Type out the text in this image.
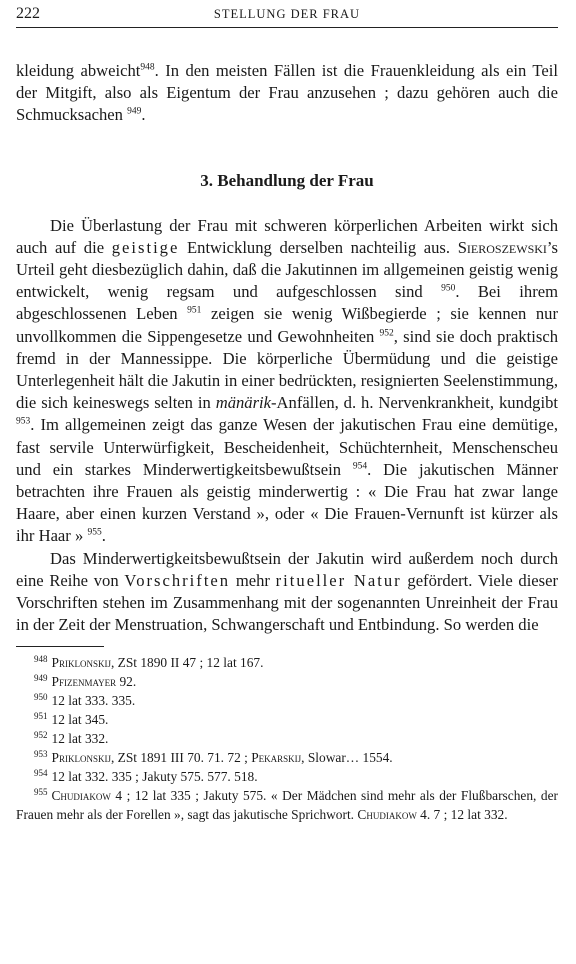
222	STELLUNG DER FRAU

kleidung abweicht$^{948}$. In den meisten Fällen ist die Frauenkleidung als ein Teil der Mitgift, also als Eigentum der Frau anzusehen ; dazu gehören auch die Schmucksachen $^{949}$.

3. Behandlung der Frau

Die Überlastung der Frau mit schweren körperlichen Arbeiten wirkt sich auch auf die geistige Entwicklung derselben nachteilig aus. Sieroszewski’s Urteil geht diesbezüglich dahin, daß die Jakutinnen im allgemeinen geistig wenig entwickelt, wenig regsam und aufgeschlossen sind $^{950}$. Bei ihrem abgeschlossenen Leben $^{951}$ zeigen sie wenig Wißbegierde ; sie kennen nur unvollkommen die Sippengesetze und Gewohnheiten $^{952}$, sind sie doch praktisch fremd in der Mannessippe. Die körperliche Übermüdung und die geistige Unterlegenheit hält die Jakutin in einer bedrückten, resignierten Seelenstimmung, die sich keineswegs selten in mänärik-Anfällen, d. h. Nervenkrankheit, kundgibt $^{953}$. Im allgemeinen zeigt das ganze Wesen der jakutischen Frau eine demütige, fast servile Unterwürfigkeit, Bescheidenheit, Schüchternheit, Menschenscheu und ein starkes Minderwertigkeitsbewußtsein $^{954}$. Die jakutischen Männer betrachten ihre Frauen als geistig minderwertig : « Die Frau hat zwar lange Haare, aber einen kurzen Verstand », oder « Die Frauen-Vernunft ist kürzer als ihr Haar » $^{955}$.

Das Minderwertigkeitsbewußtsein der Jakutin wird außerdem noch durch eine Reihe von Vorschriften mehr ritueller Natur gefördert. Viele dieser Vorschriften stehen im Zusammenhang mit der sogenannten Unreinheit der Frau in der Zeit der Menstruation, Schwangerschaft und Entbindung. So werden die

$^{948}$ Priklonskij, ZSt 1890 II 47 ; 12 lat 167.
$^{949}$ Pfizenmayer 92.
$^{950}$ 12 lat 333. 335.
$^{951}$ 12 lat 345.
$^{952}$ 12 lat 332.
$^{953}$ Priklonskij, ZSt 1891 III 70. 71. 72 ; Pekarskij, Slowar… 1554.
$^{954}$ 12 lat 332. 335 ; Jakuty 575. 577. 518.
$^{955}$ Chudiakow 4 ; 12 lat 335 ; Jakuty 575. « Der Mädchen sind mehr als der Flußbarschen, der Frauen mehr als der Forellen », sagt das jakutische Sprichwort. Chudiakow 4. 7 ; 12 lat 332.
